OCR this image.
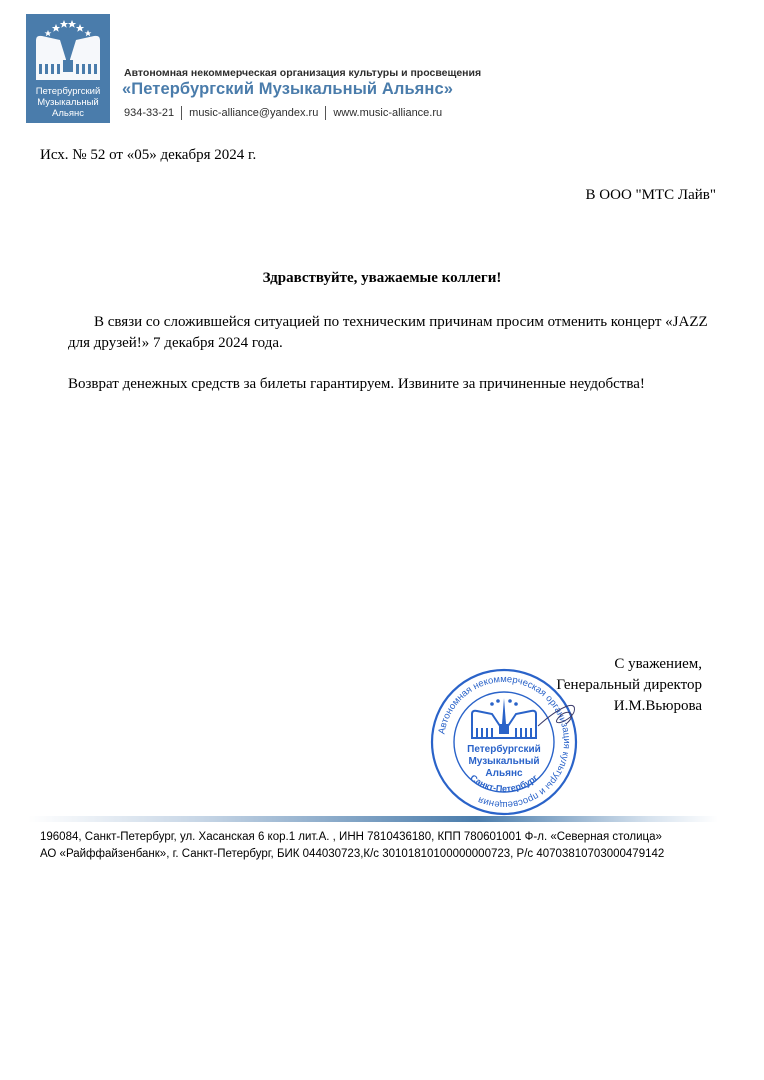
Петербургский
Музыкальный
Альянс
Автономная некоммерческая организация культуры и просвещения
«Петербургский Музыкальный Альянс»
934-33-21 music-alliance@yandex.ru www.music-alliance.ru
Исх. № 52 от «05» декабря 2024 г.
В ООО "МТС Лайв"
Здравствуйте, уважаемые коллеги!
В связи со сложившейся ситуацией по техническим причинам просим отменить концерт «JAZZ для друзей!» 7 декабря 2024 года.
Возврат денежных средств за билеты гарантируем. Извините за причиненные неудобства!
Автономная некоммерческая организация культуры и просвещения
Петербургский
Музыкальный
Альянс
Санкт-Петербург
С уважением,
Генеральный директор
И.М.Вьюрова
196084, Санкт-Петербург, ул. Хасанская 6 кор.1 лит.А. , ИНН 7810436180, КПП 780601001 Ф-л. «Северная столица»
АО «Райффайзенбанк», г. Санкт-Петербург, БИК 044030723,К/с 30101810100000000723, Р/с 40703810703000479142
